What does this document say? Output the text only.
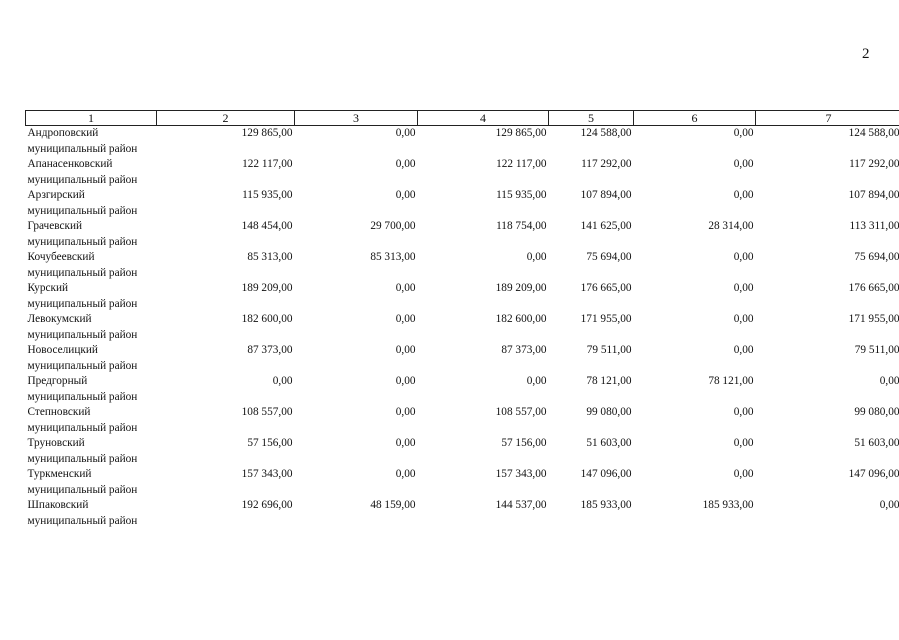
2
1	2	3	4	5	6	7

Андроповский
муниципальный район	129 865,00	0,00	129 865,00	124 588,00	0,00	124 588,00

Апанасенковский
муниципальный район	122 117,00	0,00	122 117,00	117 292,00	0,00	117 292,00

Арзгирский
муниципальный район	115 935,00	0,00	115 935,00	107 894,00	0,00	107 894,00

Грачевский
муниципальный район	148 454,00	29 700,00	118 754,00	141 625,00	28 314,00	113 311,00

Кочубеевский
муниципальный район	85 313,00	85 313,00	0,00	75 694,00	0,00	75 694,00

Курский
муниципальный район	189 209,00	0,00	189 209,00	176 665,00	0,00	176 665,00

Левокумский
муниципальный район	182 600,00	0,00	182 600,00	171 955,00	0,00	171 955,00

Новоселицкий
муниципальный район	87 373,00	0,00	87 373,00	79 511,00	0,00	79 511,00

Предгорный
муниципальный район	0,00	0,00	0,00	78 121,00	78 121,00	0,00

Степновский
муниципальный район	108 557,00	0,00	108 557,00	99 080,00	0,00	99 080,00

Труновский
муниципальный район	57 156,00	0,00	57 156,00	51 603,00	0,00	51 603,00

Туркменский
муниципальный район	157 343,00	0,00	157 343,00	147 096,00	0,00	147 096,00

Шпаковский
муниципальный район	192 696,00	48 159,00	144 537,00	185 933,00	185 933,00	0,00
